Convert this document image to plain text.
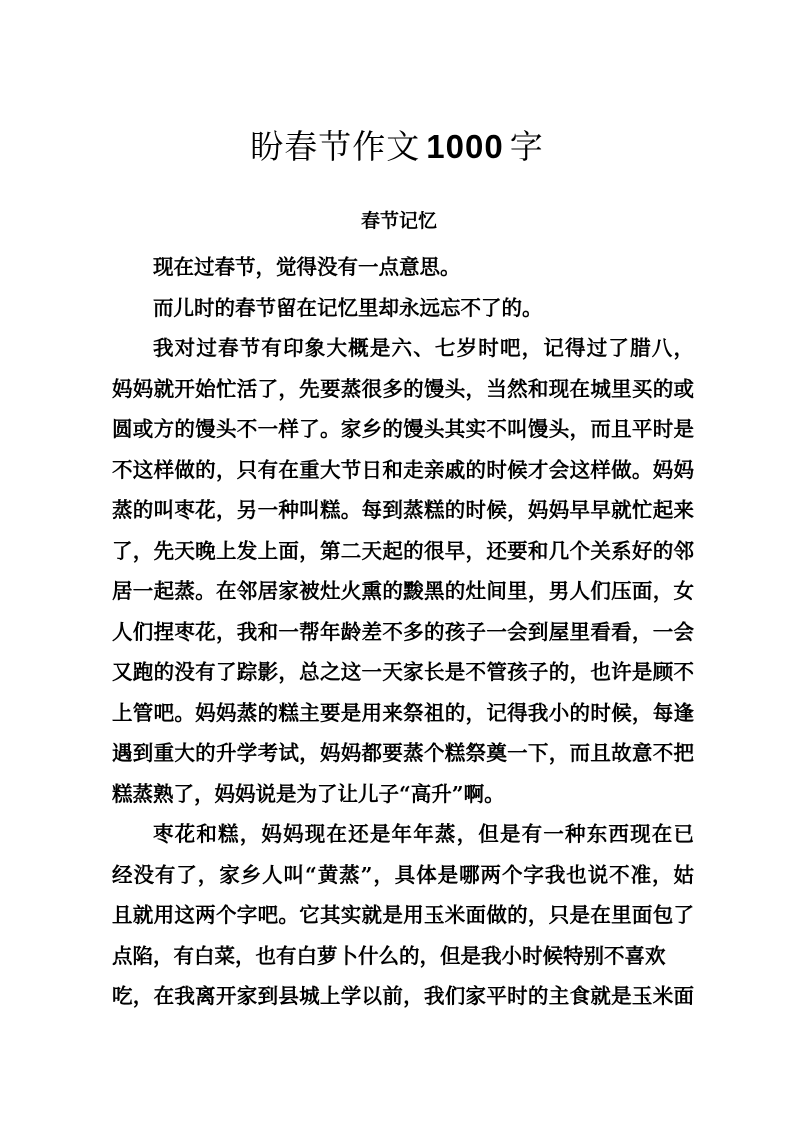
盼春节作文 1000 字
春节记忆
现在过春节，觉得没有一点意思。
而儿时的春节留在记忆里却永远忘不了的。
我对过春节有印象大概是六、七岁时吧，记得过了腊八，
妈妈就开始忙活了，先要蒸很多的馒头，当然和现在城里买的或
圆或方的馒头不一样了。家乡的馒头其实不叫馒头，而且平时是
不这样做的，只有在重大节日和走亲戚的时候才会这样做。妈妈
蒸的叫枣花，另一种叫糕。每到蒸糕的时候，妈妈早早就忙起来
了，先天晚上发上面，第二天起的很早，还要和几个关系好的邻
居一起蒸。在邻居家被灶火熏的黢黑的灶间里，男人们压面，女
人们捏枣花，我和一帮年龄差不多的孩子一会到屋里看看，一会
又跑的没有了踪影，总之这一天家长是不管孩子的，也许是顾不
上管吧。妈妈蒸的糕主要是用来祭祖的，记得我小的时候，每逢
遇到重大的升学考试，妈妈都要蒸个糕祭奠一下，而且故意不把
糕蒸熟了，妈妈说是为了让儿子“高升”啊。
枣花和糕，妈妈现在还是年年蒸，但是有一种东西现在已
经没有了，家乡人叫“黄蒸”，具体是哪两个字我也说不准，姑
且就用这两个字吧。它其实就是用玉米面做的，只是在里面包了
点陷，有白菜，也有白萝卜什么的，但是我小时候特别不喜欢
吃，在我离开家到县城上学以前，我们家平时的主食就是玉米面
